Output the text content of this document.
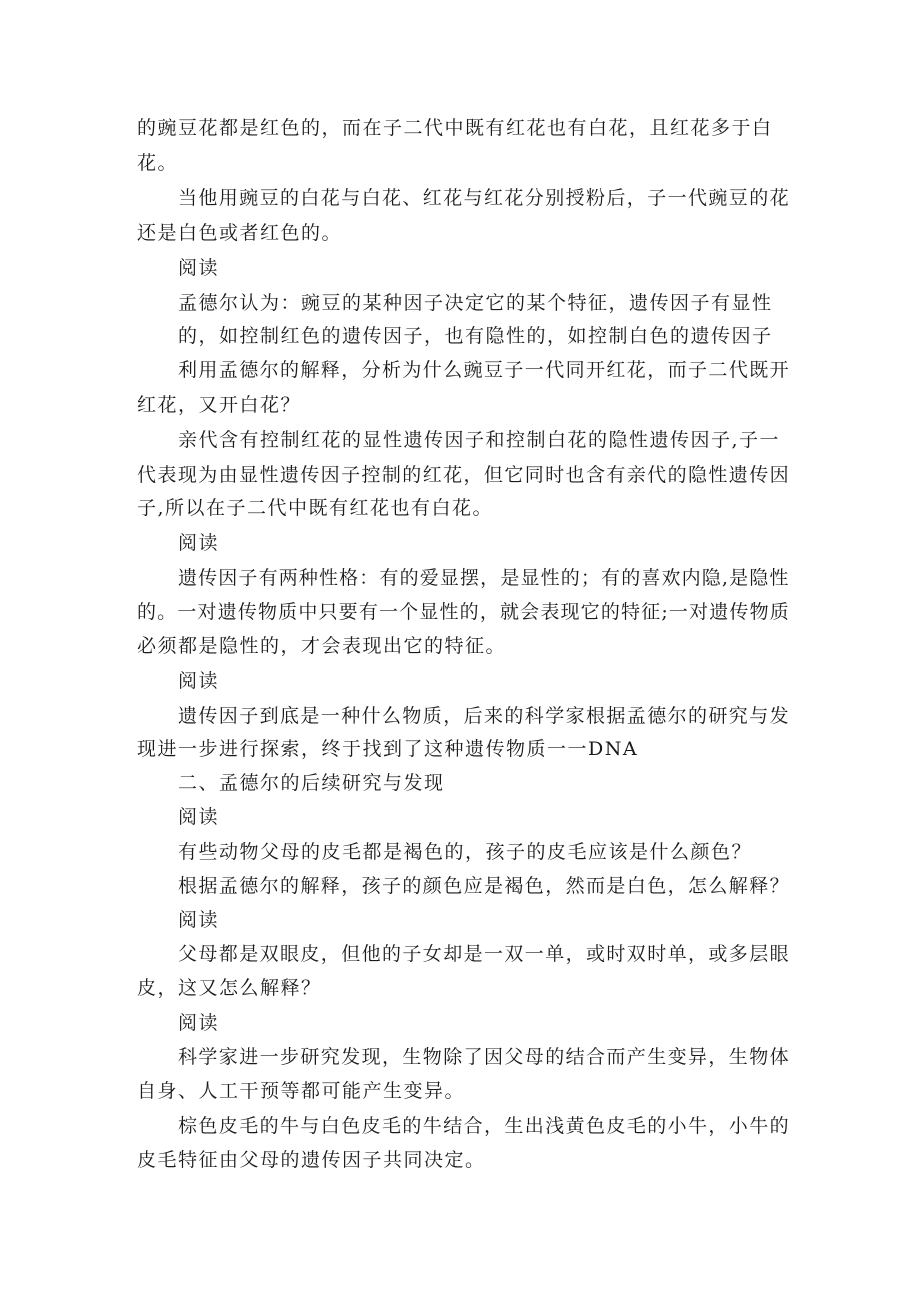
的豌豆花都是红色的，而在子二代中既有红花也有白花，且红花多于白
花。
当他用豌豆的白花与白花、红花与红花分别授粉后，子一代豌豆的花
还是白色或者红色的。
阅读
孟德尔认为：豌豆的某种因子决定它的某个特征，遗传因子有显性
的，如控制红色的遗传因子，也有隐性的，如控制白色的遗传因子
利用孟德尔的解释，分析为什么豌豆子一代同开红花，而子二代既开
红花，又开白花？
亲代含有控制红花的显性遗传因子和控制白花的隐性遗传因子,子一
代表现为由显性遗传因子控制的红花，但它同时也含有亲代的隐性遗传因
子,所以在子二代中既有红花也有白花。
阅读
遗传因子有两种性格：有的爱显摆，是显性的；有的喜欢内隐,是隐性
的。一对遗传物质中只要有一个显性的，就会表现它的特征;一对遗传物质
必须都是隐性的，才会表现出它的特征。
阅读
遗传因子到底是一种什么物质，后来的科学家根据孟德尔的研究与发
现进一步进行探索，终于找到了这种遗传物质一一DNA
二、孟德尔的后续研究与发现
阅读
有些动物父母的皮毛都是褐色的，孩子的皮毛应该是什么颜色？
根据孟德尔的解释，孩子的颜色应是褐色，然而是白色，怎么解释？
阅读
父母都是双眼皮，但他的子女却是一双一单，或时双时单，或多层眼
皮，这又怎么解释？
阅读
科学家进一步研究发现，生物除了因父母的结合而产生变异，生物体
自身、人工干预等都可能产生变异。
棕色皮毛的牛与白色皮毛的牛结合，生出浅黄色皮毛的小牛，小牛的
皮毛特征由父母的遗传因子共同决定。
